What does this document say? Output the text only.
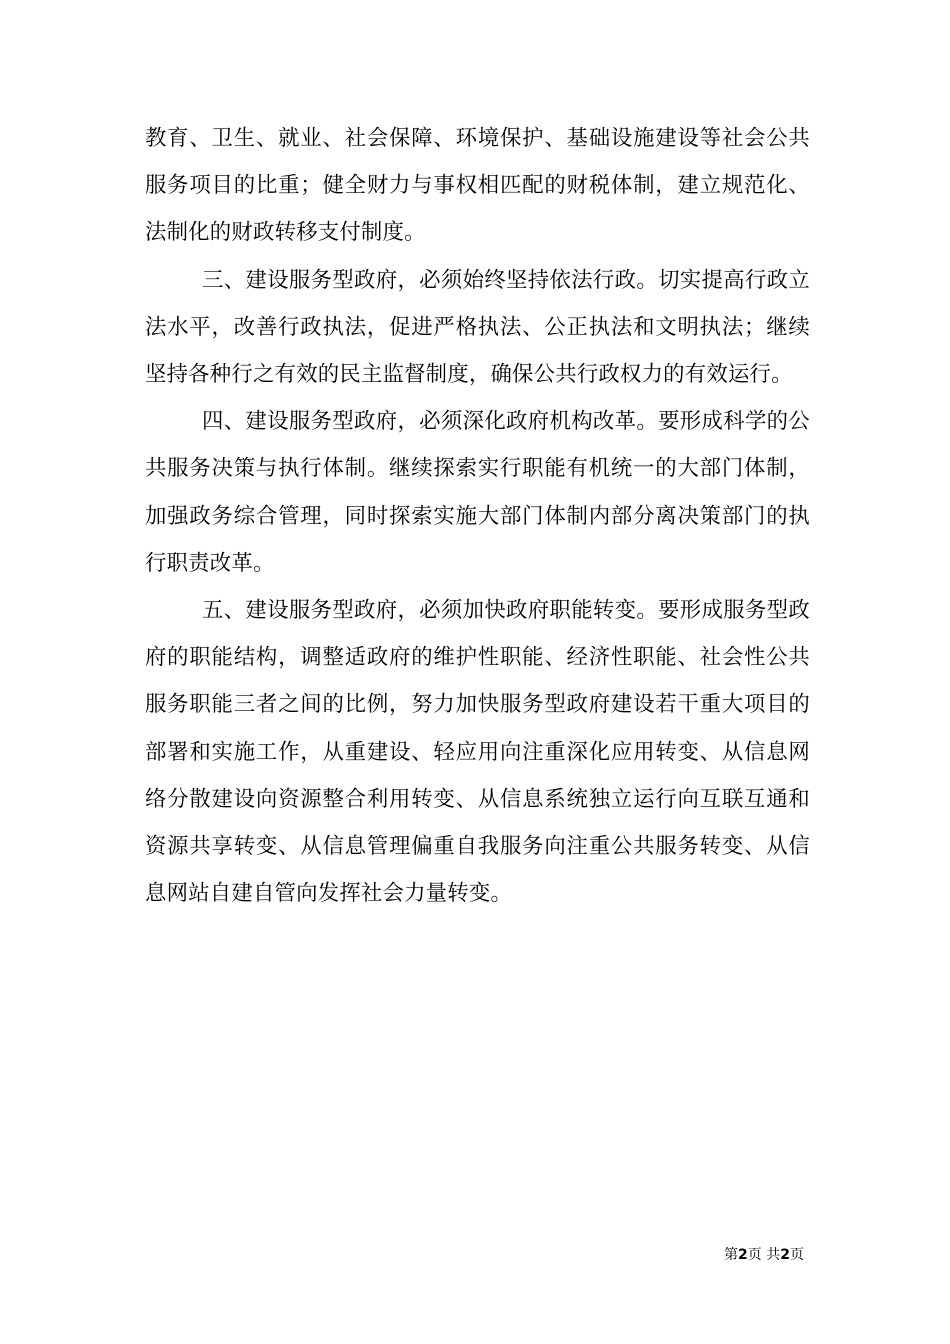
教育、卫生、就业、社会保障、环境保护、基础设施建设等社会公共服务项目的比重；健全财力与事权相匹配的财税体制，建立规范化、法制化的财政转移支付制度。

三、建设服务型政府，必须始终坚持依法行政。切实提高行政立法水平，改善行政执法，促进严格执法、公正执法和文明执法；继续坚持各种行之有效的民主监督制度，确保公共行政权力的有效运行。

四、建设服务型政府，必须深化政府机构改革。要形成科学的公共服务决策与执行体制。继续探索实行职能有机统一的大部门体制，加强政务综合管理，同时探索实施大部门体制内部分离决策部门的执行职责改革。

五、建设服务型政府，必须加快政府职能转变。要形成服务型政府的职能结构，调整适政府的维护性职能、经济性职能、社会性公共服务职能三者之间的比例，努力加快服务型政府建设若干重大项目的部署和实施工作，从重建设、轻应用向注重深化应用转变、从信息网络分散建设向资源整合利用转变、从信息系统独立运行向互联互通和资源共享转变、从信息管理偏重自我服务向注重公共服务转变、从信息网站自建自管向发挥社会力量转变。

第2页 共2页
